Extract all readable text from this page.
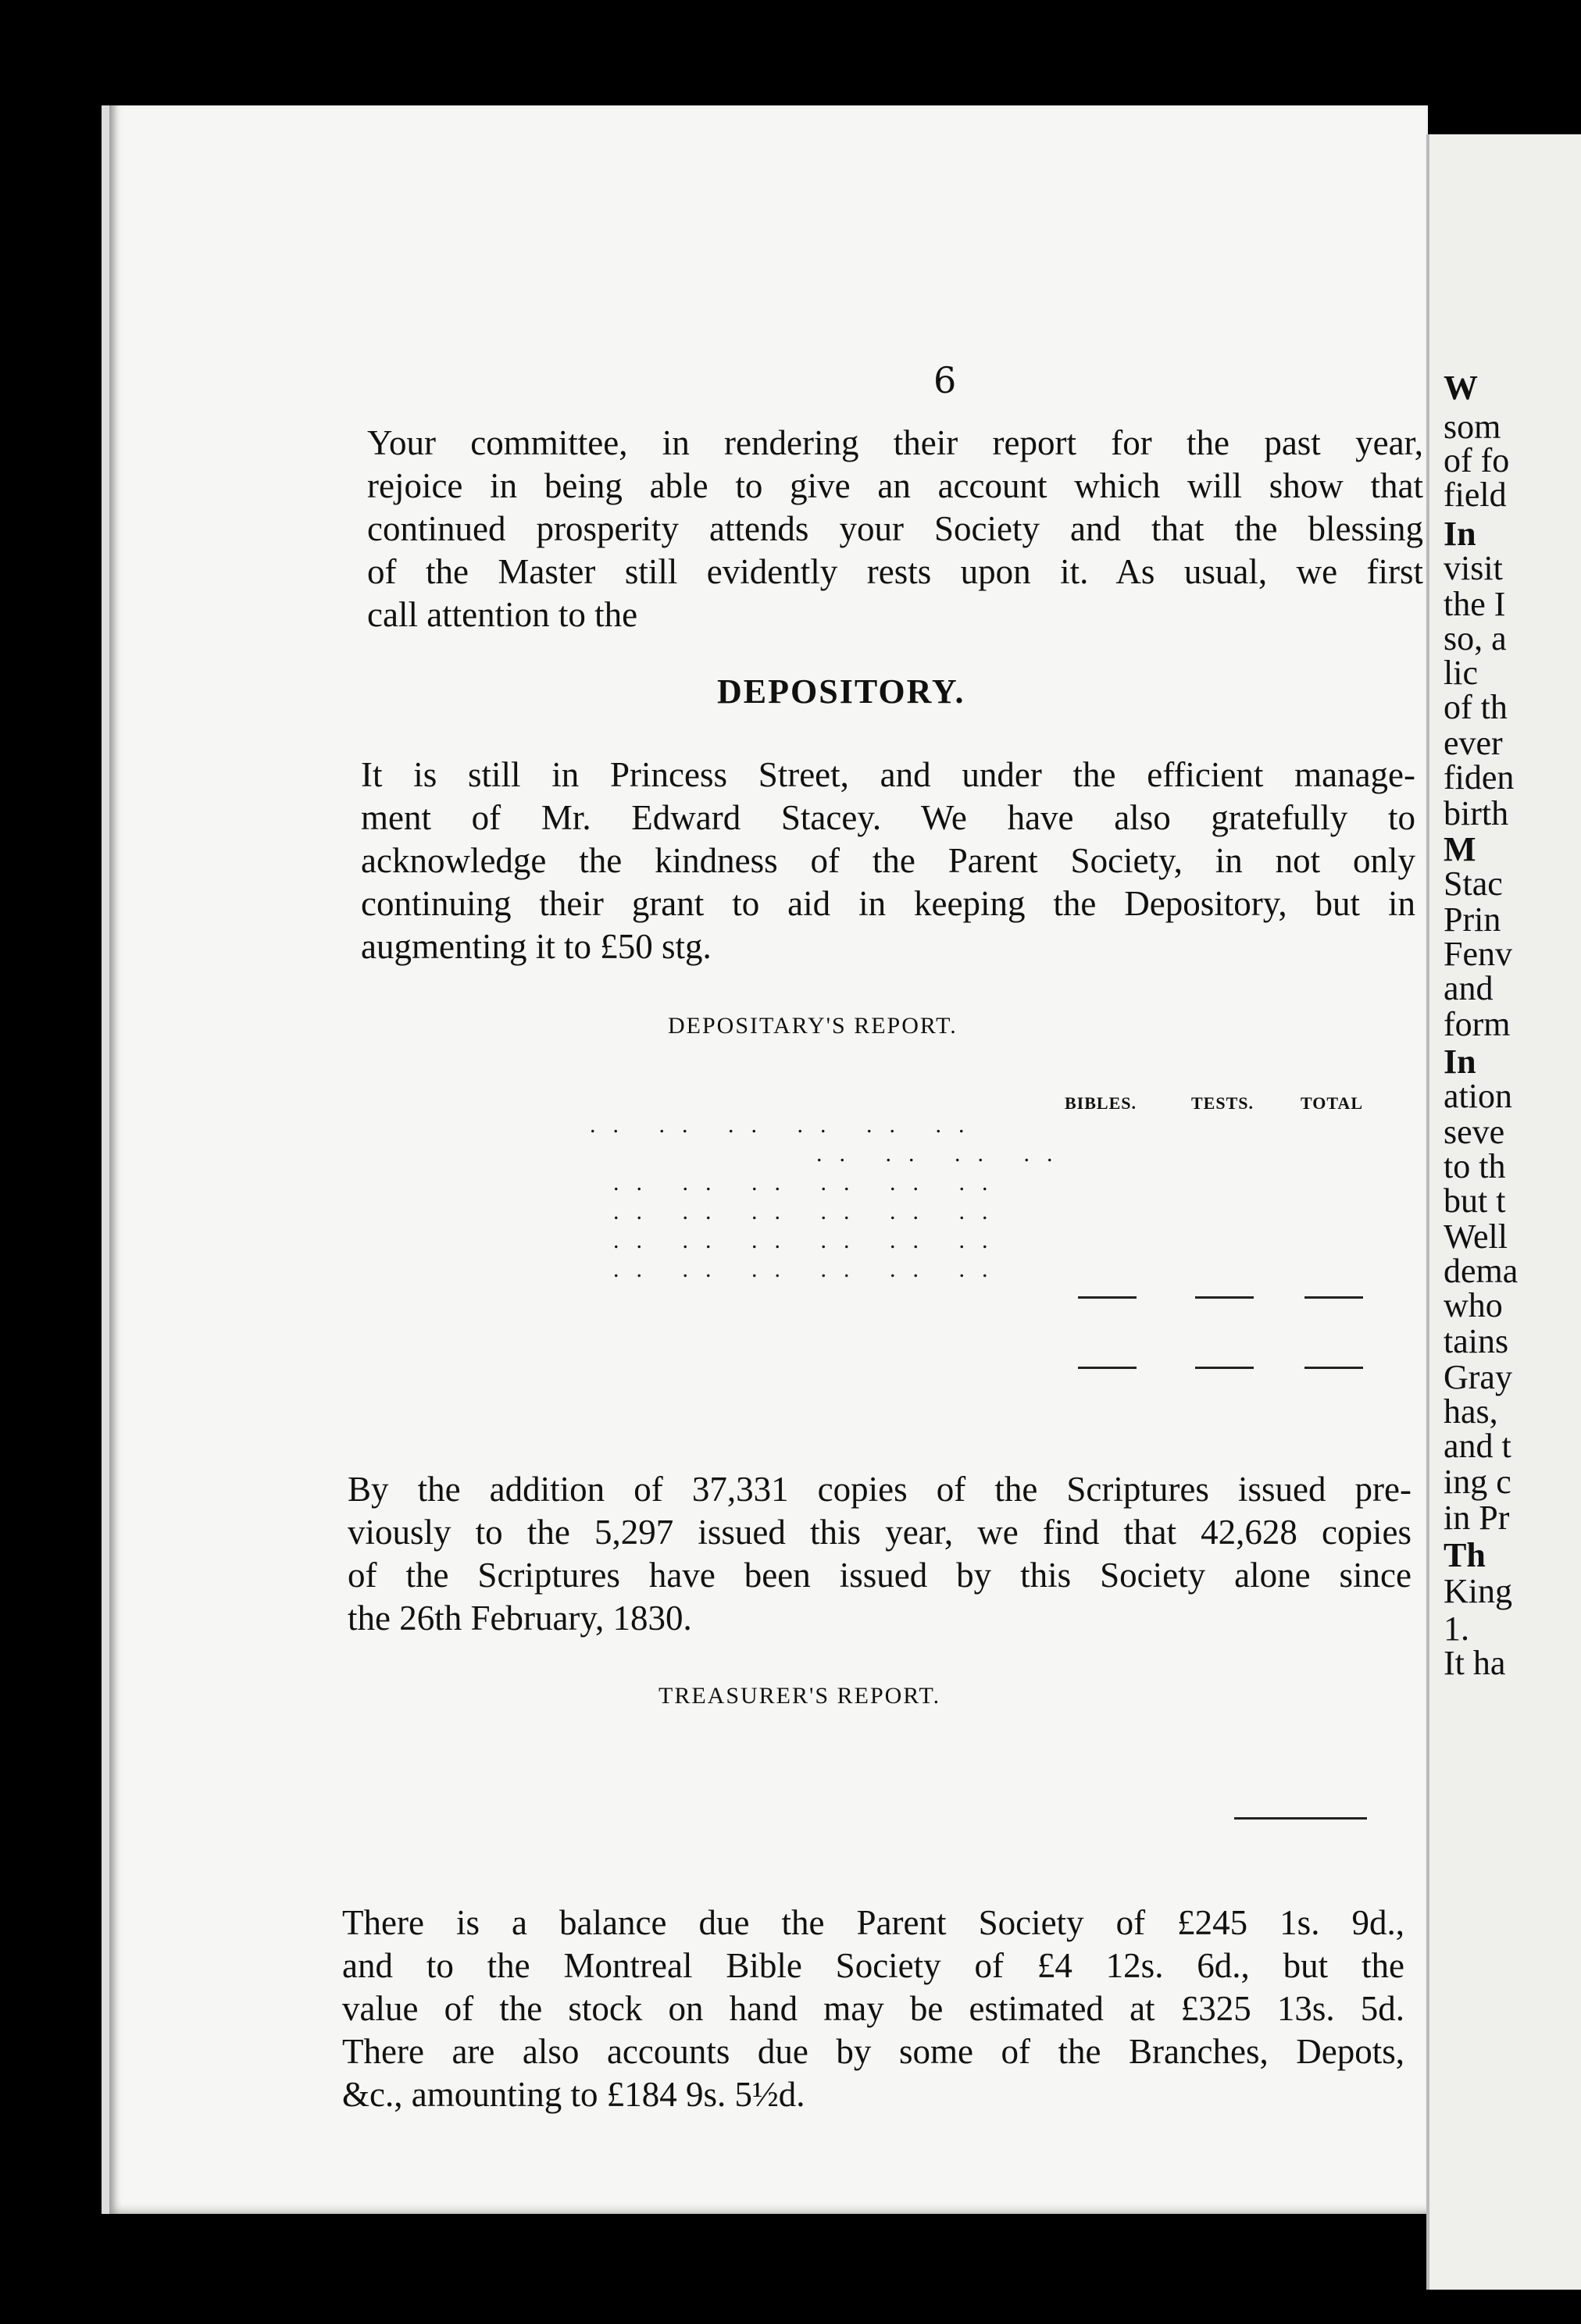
6
Your committee, in rendering their report for the past year,
rejoice in being able to give an account which will show that
continued prosperity attends your Society and that the blessing
of the Master still evidently rests upon it. As usual, we first
call attention to the
DEPOSITORY.
It is still in Princess Street, and under the efficient manage-
ment of Mr. Edward Stacey. We have also gratefully to
acknowledge the kindness of the Parent Society, in not only
continuing their grant to aid in keeping the Depository, but in
augmenting it to £50 stg.
DEPOSITARY'S REPORT.
BIBLES.	TESTS.	TOTAL
.. .. .. .. .. ..
.. .. .. ..
.. .. .. .. .. ..
.. .. .. .. .. ..
.. .. .. .. .. ..
.. .. .. .. .. ..
TREASURER'S REPORT.
By the addition of 37,331 copies of the Scriptures issued pre-
viously to the 5,297 issued this year, we find that 42,628 copies
of the Scriptures have been issued by this Society alone since
the 26th February, 1830.
There is a balance due the Parent Society of £245 1s. 9d.,
and to the Montreal Bible Society of £4 12s. 6d., but the
value of the stock on hand may be estimated at £325 13s. 5d.
There are also accounts due by some of the Branches, Depots,
&c., amounting to £184 9s. 5½d.
W
som
of fo
field
In
visit
the I
so, a
lic
of th
ever
fiden
birth
M
Stac
Prin
Fenv
and
form
In
ation
seve
to th
but t
Well
dema
who
tains
Gray
has,
and t
ing c
in Pr
Th
King
1.
It ha
